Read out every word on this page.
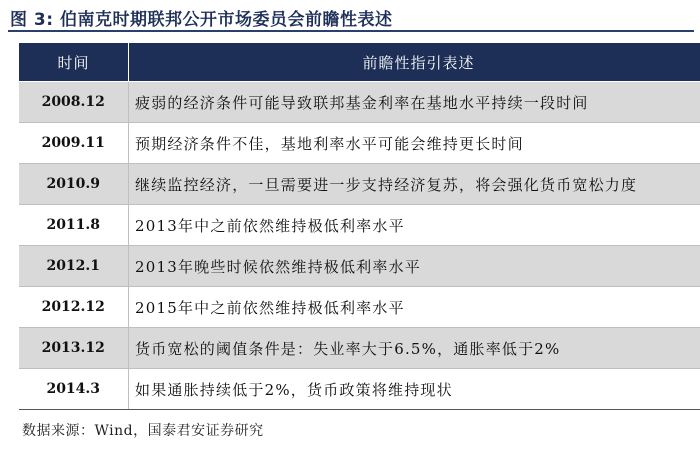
图 3: 伯南克时期联邦公开市场委员会前瞻性表述
时间	前瞻性指引表述
2008.12	疲弱的经济条件可能导致联邦基金利率在基地水平持续一段时间
2009.11	预期经济条件不佳，基地利率水平可能会维持更长时间
2010.9	继续监控经济，一旦需要进一步支持经济复苏，将会强化货币宽松力度
2011.8	2013年中之前依然维持极低利率水平
2012.1	2013年晚些时候依然维持极低利率水平
2012.12	2015年中之前依然维持极低利率水平
2013.12	货币宽松的阈值条件是：失业率大于6.5%，通胀率低于2%
2014.3	如果通胀持续低于2%，货币政策将维持现状
数据来源：Wind，国泰君安证券研究
